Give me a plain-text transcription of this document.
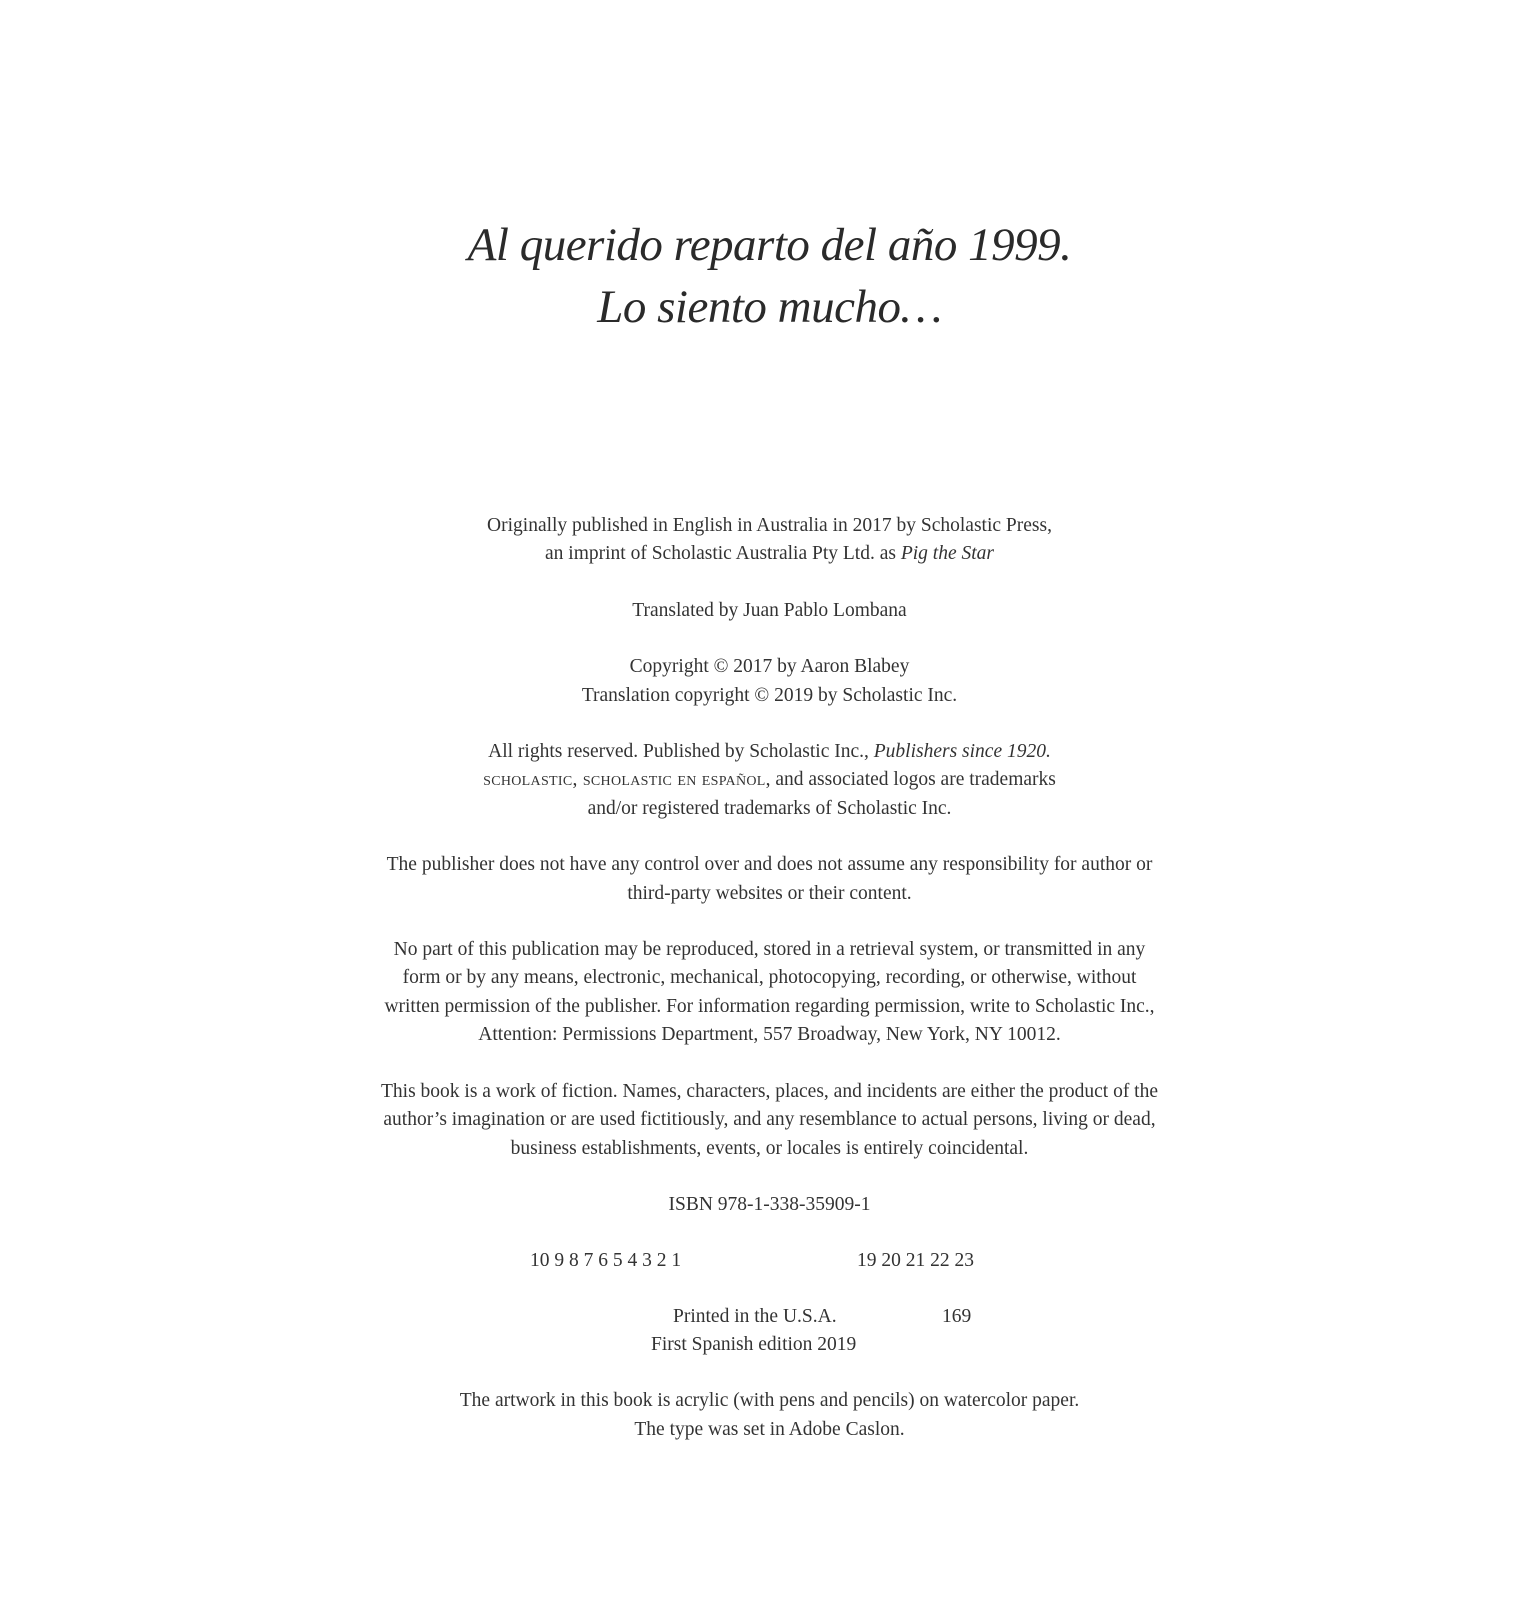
Al querido reparto del año 1999.
Lo siento mucho…

Originally published in English in Australia in 2017 by Scholastic Press,
an imprint of Scholastic Australia Pty Ltd. as Pig the Star

Translated by Juan Pablo Lombana

Copyright © 2017 by Aaron Blabey
Translation copyright © 2019 by Scholastic Inc.

All rights reserved. Published by Scholastic Inc., Publishers since 1920.
scholastic, scholastic en español, and associated logos are trademarks
and/or registered trademarks of Scholastic Inc.

The publisher does not have any control over and does not assume any responsibility for author or
third-party websites or their content.

No part of this publication may be reproduced, stored in a retrieval system, or transmitted in any
form or by any means, electronic, mechanical, photocopying, recording, or otherwise, without
written permission of the publisher. For information regarding permission, write to Scholastic Inc.,
Attention: Permissions Department, 557 Broadway, New York, NY 10012.

This book is a work of fiction. Names, characters, places, and incidents are either the product of the
author’s imagination or are used fictitiously, and any resemblance to actual persons, living or dead,
business establishments, events, or locales is entirely coincidental.

ISBN 978-1-338-35909-1

10 9 8 7 6 5 4 3 2 1	19 20 21 22 23
Printed in the U.S.A.	169
First Spanish edition 2019

The artwork in this book is acrylic (with pens and pencils) on watercolor paper.
The type was set in Adobe Caslon.
